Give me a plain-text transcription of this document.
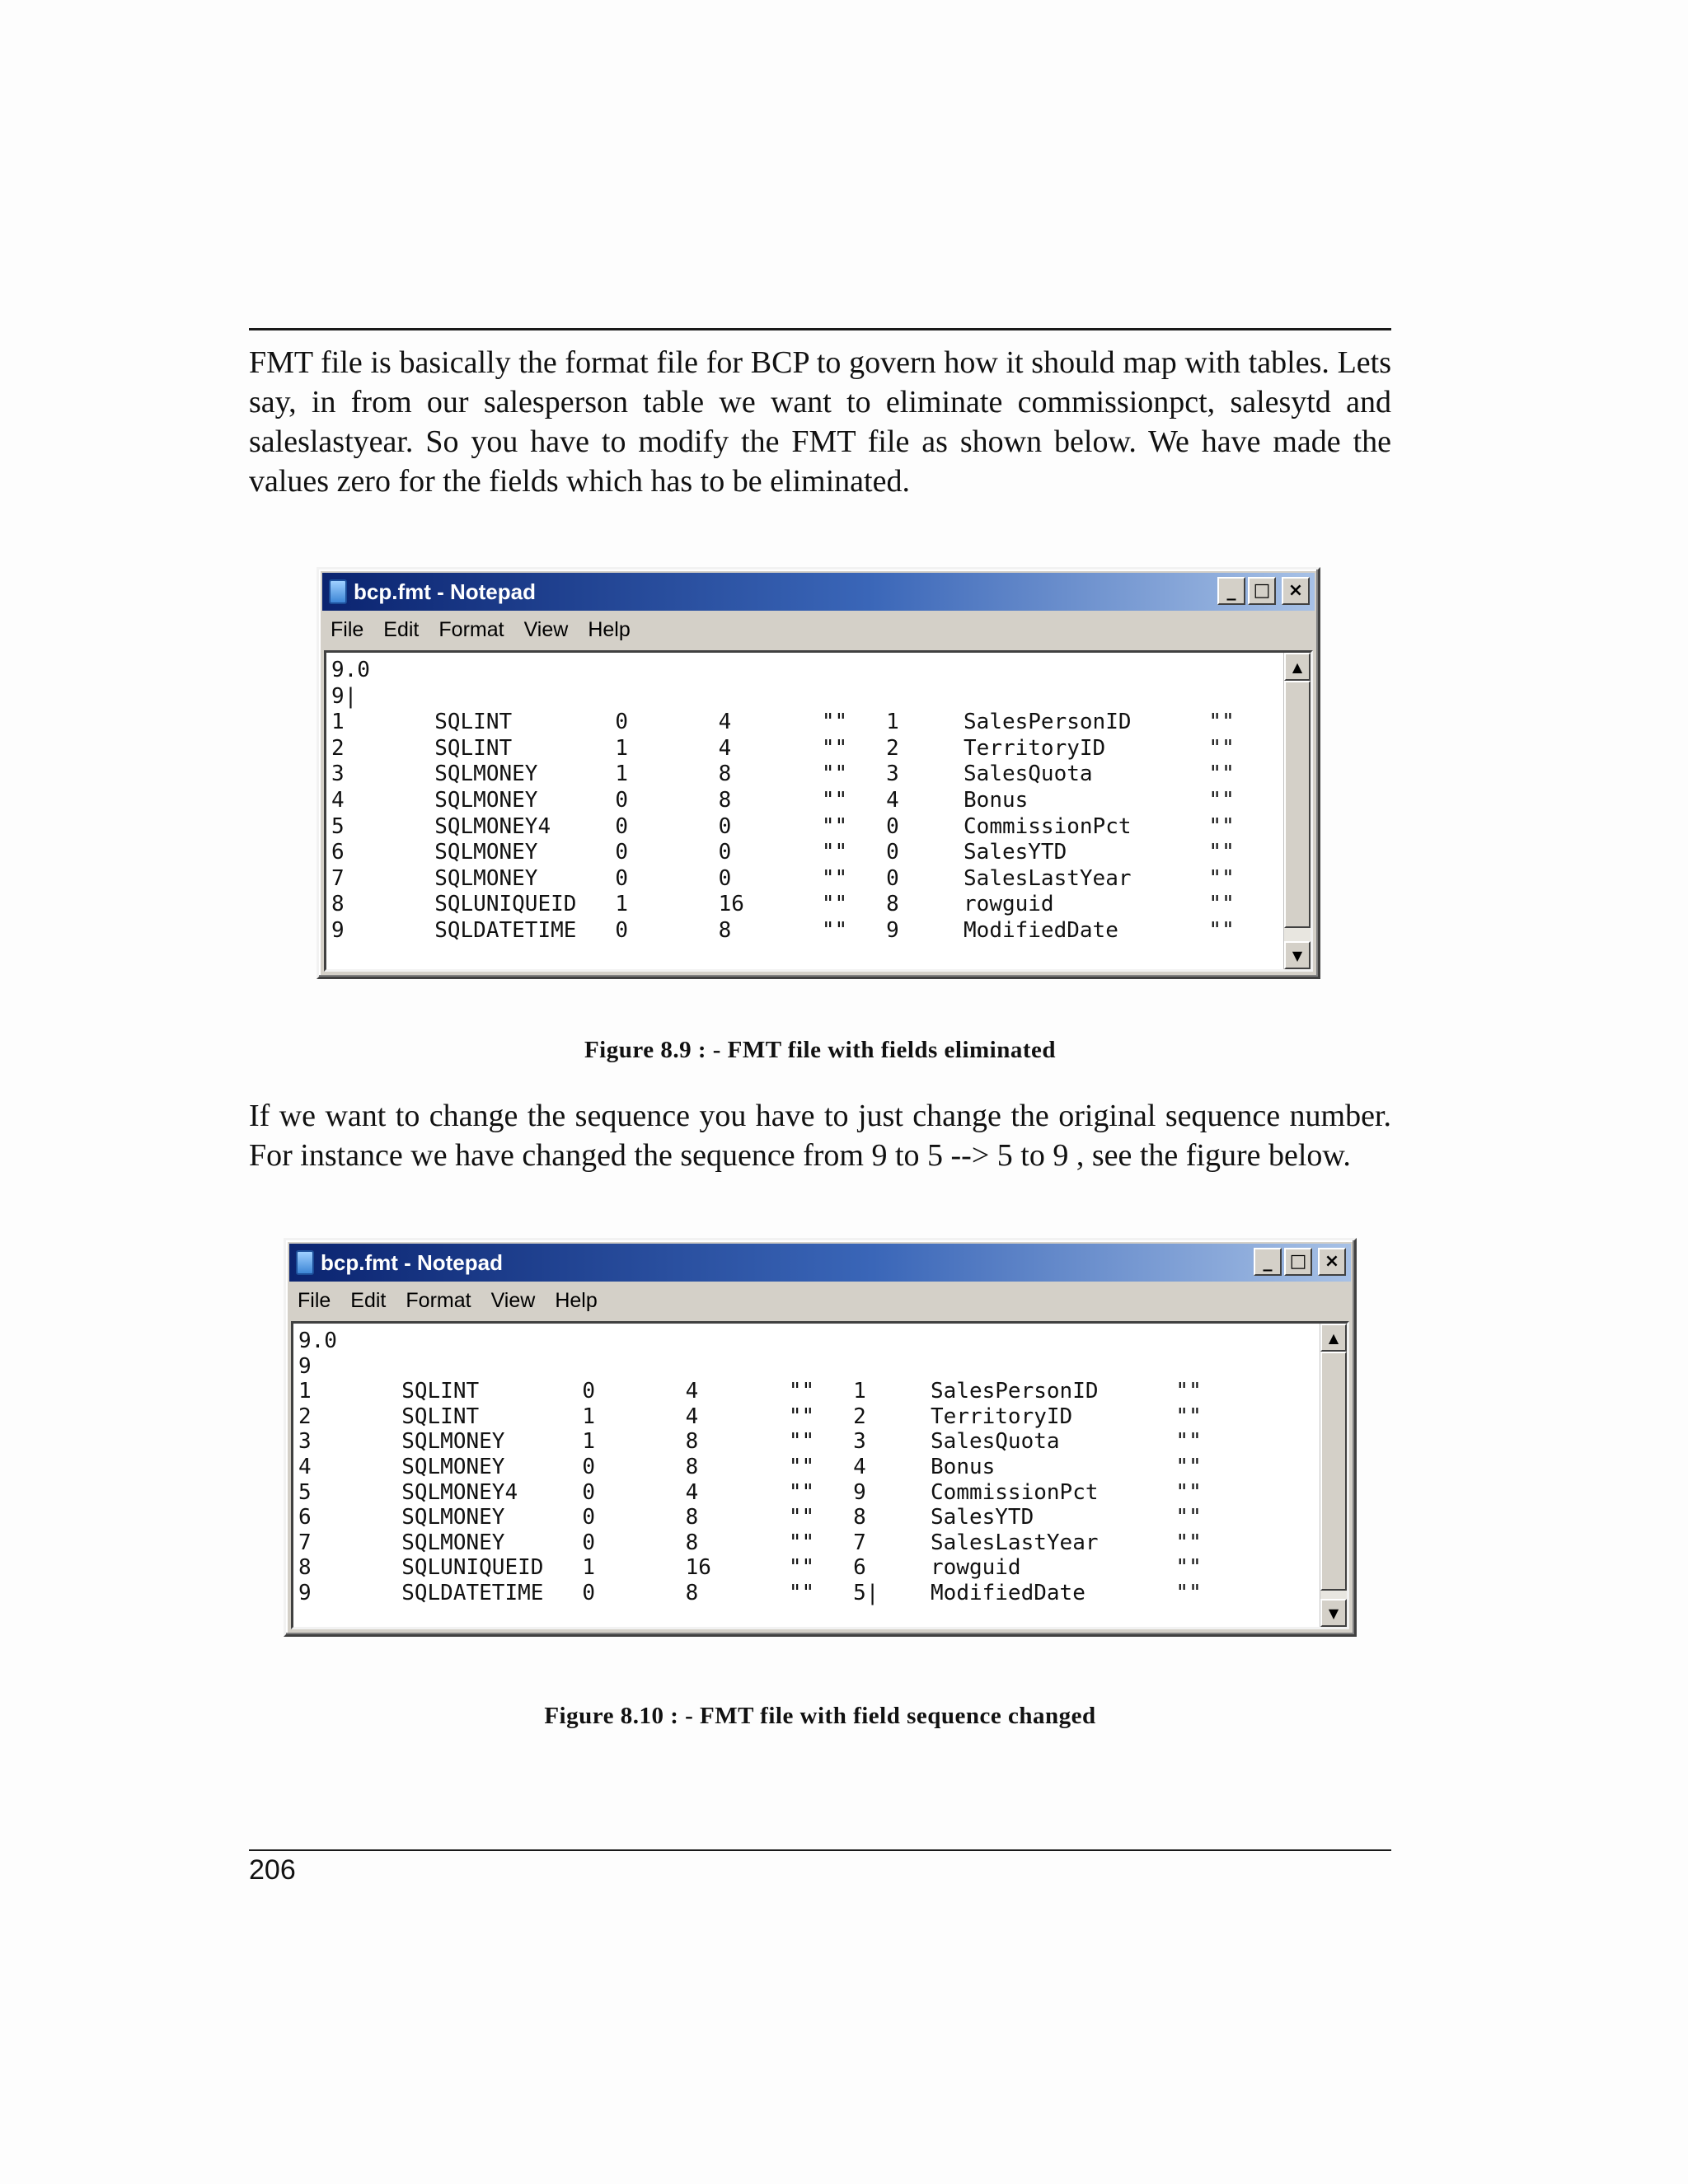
FMT file is basically the format file for BCP to govern how it should map with tables. Lets say, in from our salesperson table we want to eliminate commissionpct, salesytd and saleslastyear. So you have to modify the FMT file as shown below. We have made the values zero for the fields which has to be eliminated.

bcp.fmt - Notepad	_ □ ×
File Edit Format View Help
9.0
9|
1       SQLINT        0       4       ""   1     SalesPersonID      ""
2       SQLINT        1       4       ""   2     TerritoryID        ""
3       SQLMONEY      1       8       ""   3     SalesQuota         ""
4       SQLMONEY      0       8       ""   4     Bonus              ""
5       SQLMONEY4     0       0       ""   0     CommissionPct      ""
6       SQLMONEY      0       0       ""   0     SalesYTD           ""
7       SQLMONEY      0       0       ""   0     SalesLastYear      ""
8       SQLUNIQUEID   1       16      ""   8     rowguid            ""
9       SQLDATETIME   0       8       ""   9     ModifiedDate       ""
▲
▼

Figure 8.9 : - FMT file with fields eliminated

If we want to change the sequence you have to just change the original sequence number. For instance we have changed the sequence from 9 to 5 --> 5 to 9 , see the figure below.

bcp.fmt - Notepad	_ □ ×
File Edit Format View Help
9.0
9
1       SQLINT        0       4       ""   1     SalesPersonID      ""
2       SQLINT        1       4       ""   2     TerritoryID        ""
3       SQLMONEY      1       8       ""   3     SalesQuota         ""
4       SQLMONEY      0       8       ""   4     Bonus              ""
5       SQLMONEY4     0       4       ""   9     CommissionPct      ""
6       SQLMONEY      0       8       ""   8     SalesYTD           ""
7       SQLMONEY      0       8       ""   7     SalesLastYear      ""
8       SQLUNIQUEID   1       16      ""   6     rowguid            ""
9       SQLDATETIME   0       8       ""   5|    ModifiedDate       ""
▲
▼

Figure 8.10 : - FMT file with field sequence changed

206
